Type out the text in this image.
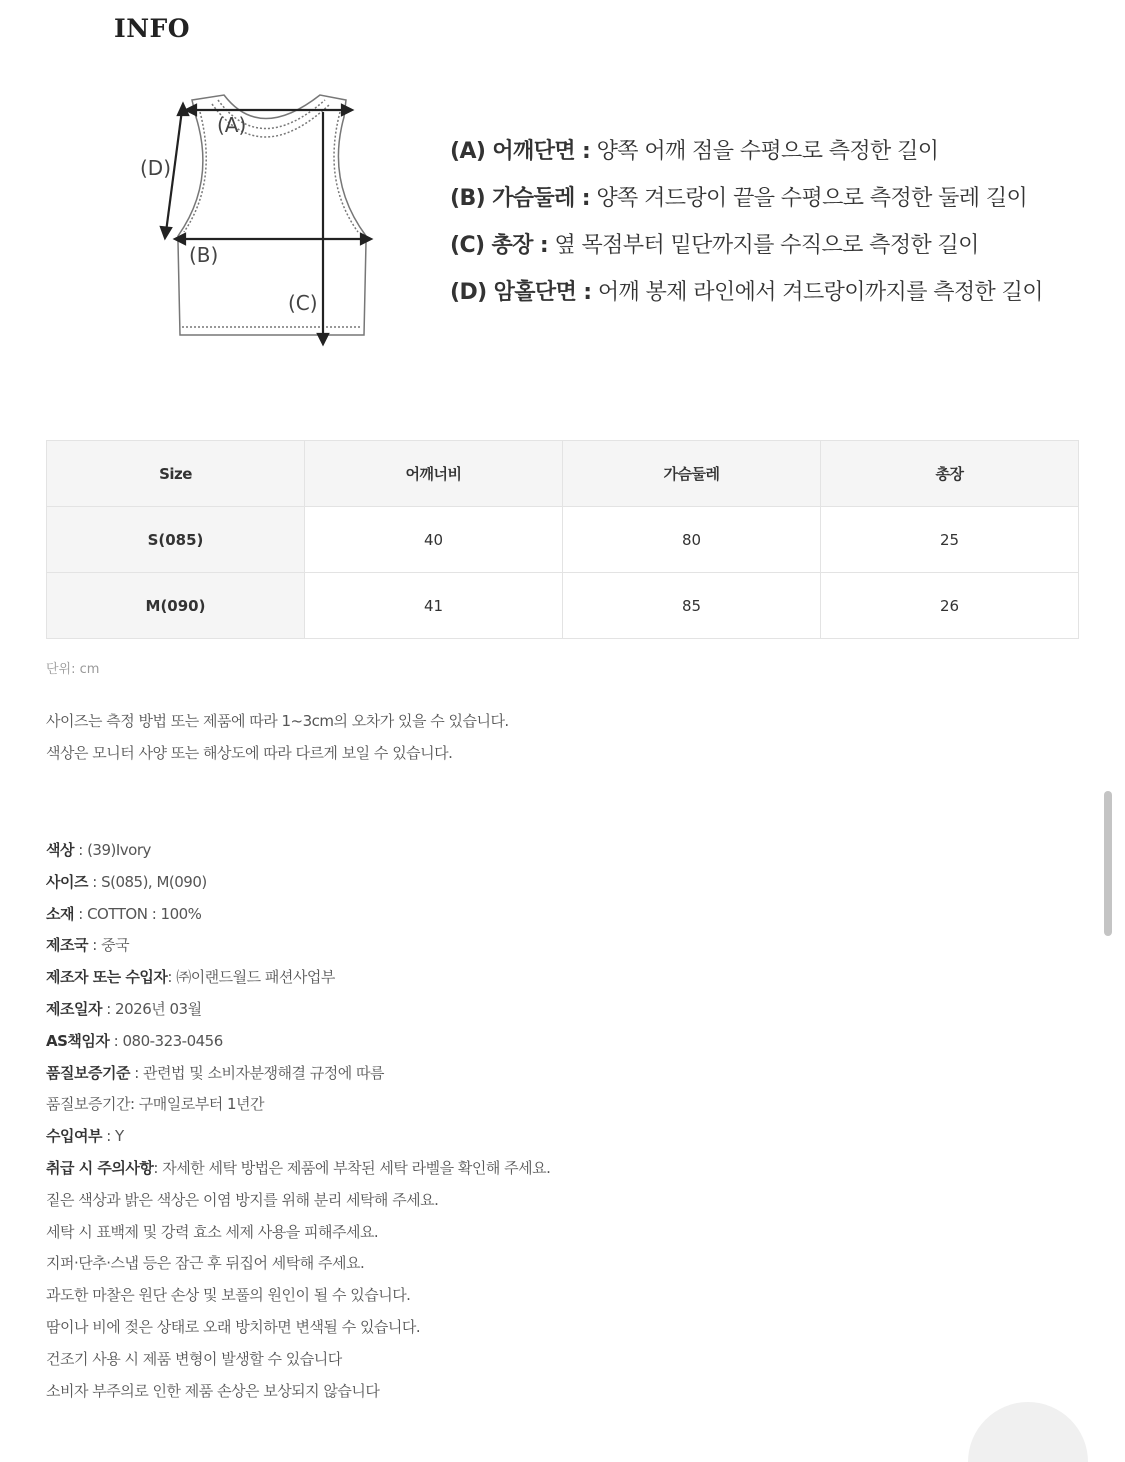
INFO
(A)
(D)
(B)
(C)
(A) 어깨단면 : 양쪽 어깨 점을 수평으로 측정한 길이
(B) 가슴둘레 : 양쪽 겨드랑이 끝을 수평으로 측정한 둘레 길이
(C) 총장 : 옆 목점부터 밑단까지를 수직으로 측정한 길이
(D) 암홀단면 : 어깨 봉제 라인에서 겨드랑이까지를 측정한 길이
Size	어깨너비	가슴둘레	총장
S(085)	40	80	25
M(090)	41	85	26
단위: cm
사이즈는 측정 방법 또는 제품에 따라 1~3cm의 오차가 있을 수 있습니다.
색상은 모니터 사양 또는 해상도에 따라 다르게 보일 수 있습니다.
색상 : (39)Ivory
사이즈 : S(085), M(090)
소재 : COTTON : 100%
제조국 : 중국
제조자 또는 수입자: ㈜이랜드월드 패션사업부
제조일자 : 2026년 03월
AS책임자 : 080-323-0456
품질보증기준 : 관련법 및 소비자분쟁해결 규정에 따름
품질보증기간: 구매일로부터 1년간
수입여부 : Y
취급 시 주의사항: 자세한 세탁 방법은 제품에 부착된 세탁 라벨을 확인해 주세요.
짙은 색상과 밝은 색상은 이염 방지를 위해 분리 세탁해 주세요.
세탁 시 표백제 및 강력 효소 세제 사용을 피해주세요.
지퍼·단추·스냅 등은 잠근 후 뒤집어 세탁해 주세요.
과도한 마찰은 원단 손상 및 보풀의 원인이 될 수 있습니다.
땀이나 비에 젖은 상태로 오래 방치하면 변색될 수 있습니다.
건조기 사용 시 제품 변형이 발생할 수 있습니다
소비자 부주의로 인한 제품 손상은 보상되지 않습니다
